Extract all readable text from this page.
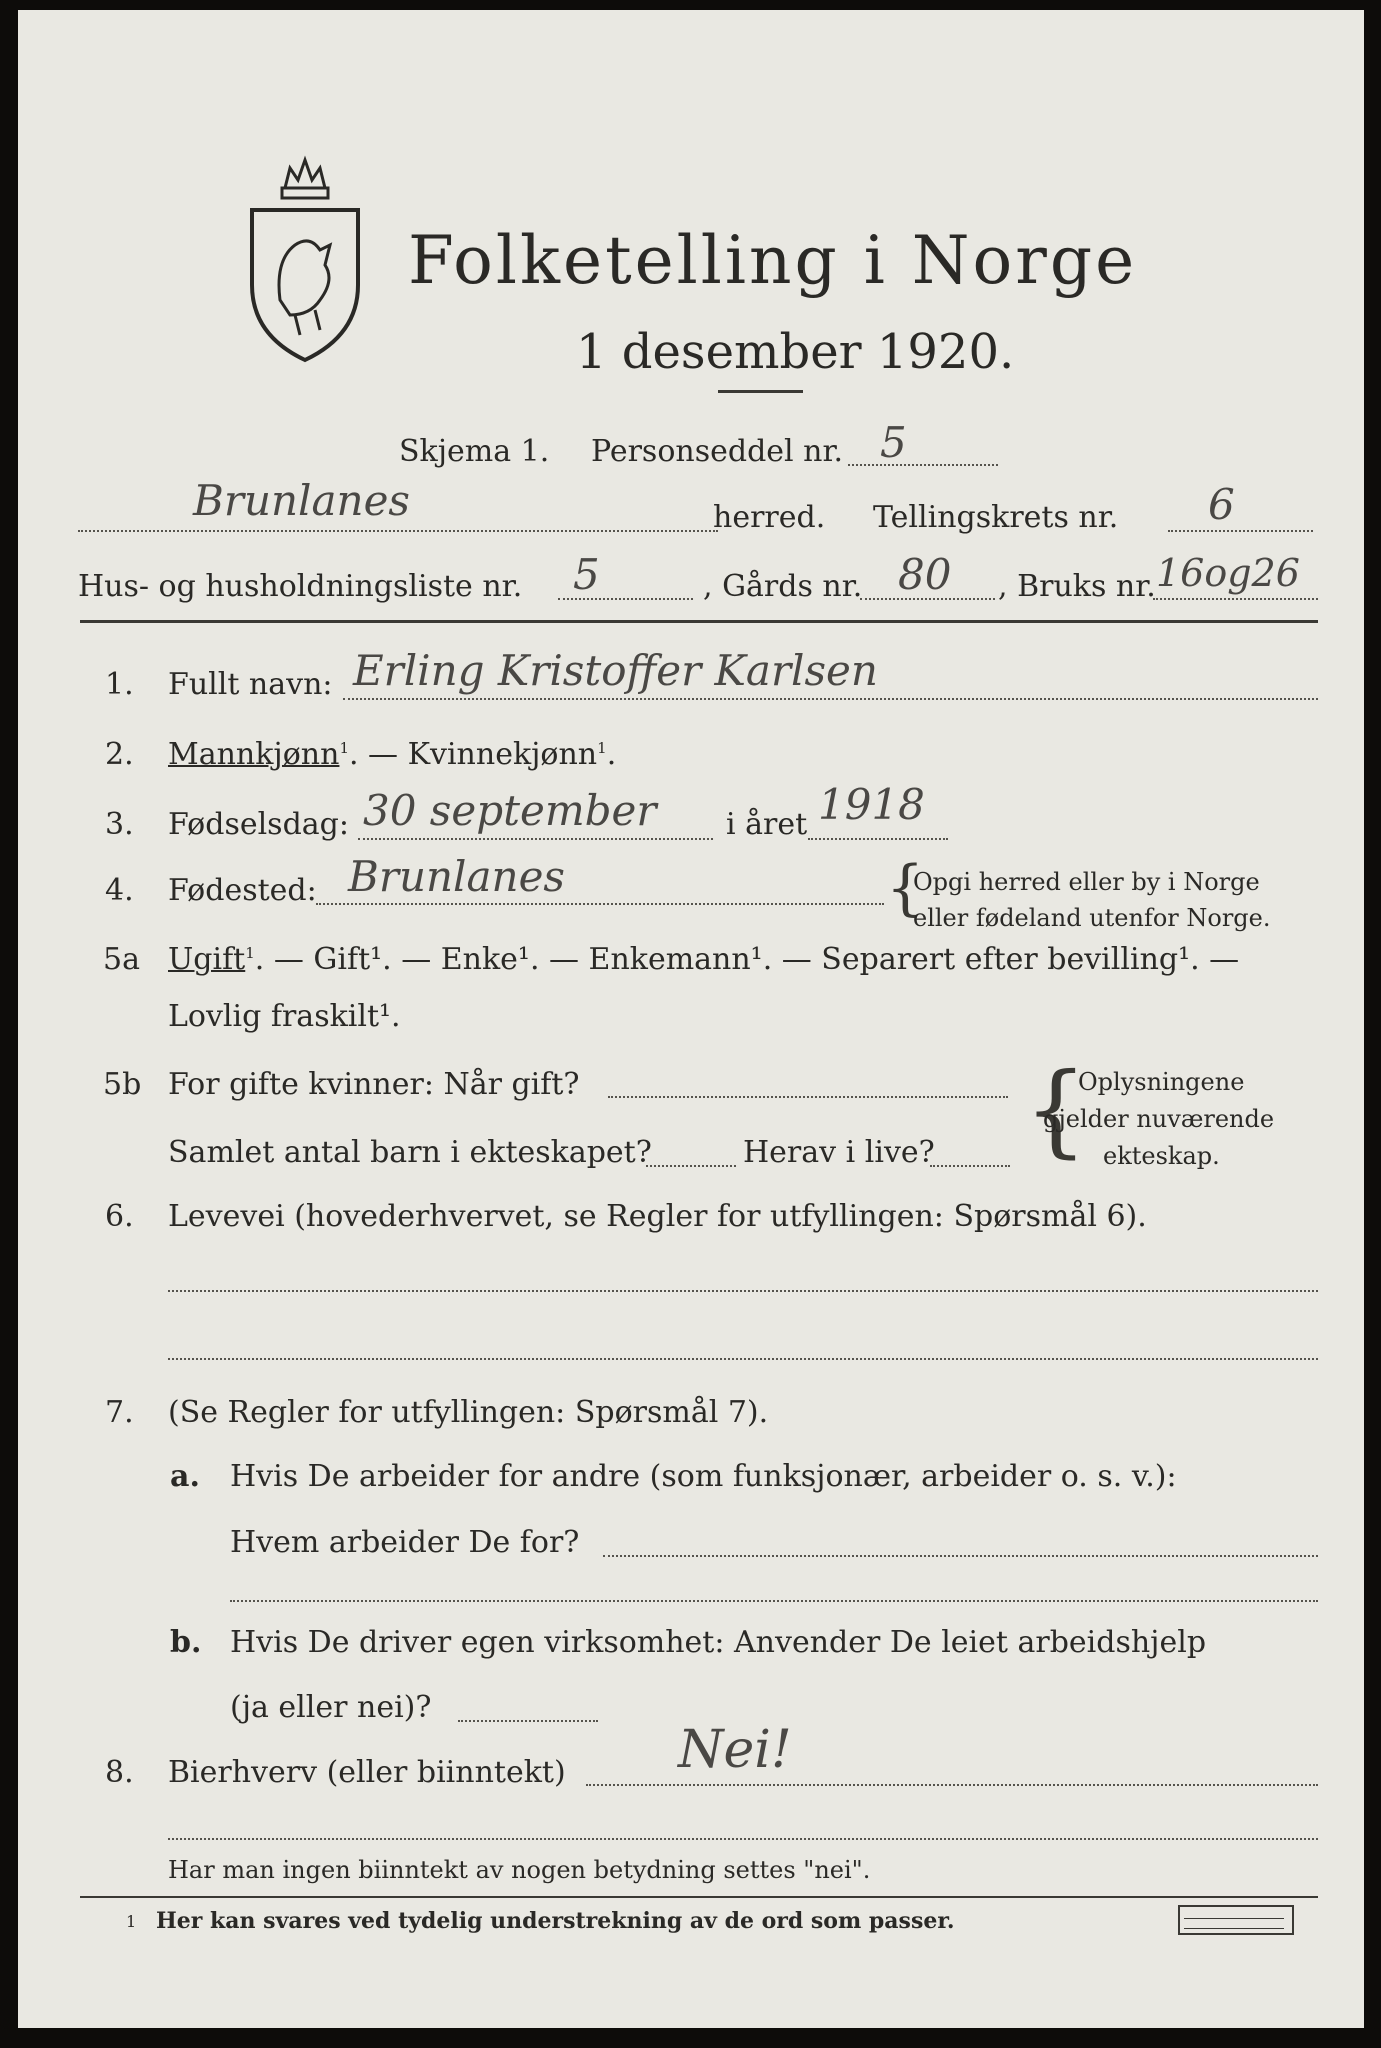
Folketelling i Norge
1 desember 1920.
Skjema 1. Personseddel nr. 5
Brunlanes	herred. Tellingskrets nr. 6
Hus- og husholdningsliste nr. 5	, Gårds nr. 80 , Bruks nr. 16og26
1. Fullt navn: Erling Kristoffer Karlsen
2. Mannkjønn$^1$. — Kvinnekjønn$^1$.
3. Fødselsdag: 30 september i året 1918
4. Fødested: Brunlanes	{
Opgi herred eller by i Norge
eller fødeland utenfor Norge.
5a Ugift$^1$. — Gift¹. — Enke¹. — Enkemann¹. — Separert efter bevilling¹. —
Lovlig fraskilt¹.
5b For gifte kvinner: Når gift?
Samlet antal barn i ekteskapet?	Herav i live? {
Oplysningene
gjelder nuværende
ekteskap.
6. Levevei (hovederhvervet, se Regler for utfyllingen: Spørsmål 6).
7. (Se Regler for utfyllingen: Spørsmål 7).
a. Hvis De arbeider for andre (som funksjonær, arbeider o. s. v.):
Hvem arbeider De for?
b. Hvis De driver egen virksomhet: Anvender De leiet arbeidshjelp
(ja eller nei)?
8. Bierhverv (eller biinntekt) Nei!
Har man ingen biinntekt av nogen betydning settes "nei".
1 Her kan svares ved tydelig understrekning av de ord som passer.
